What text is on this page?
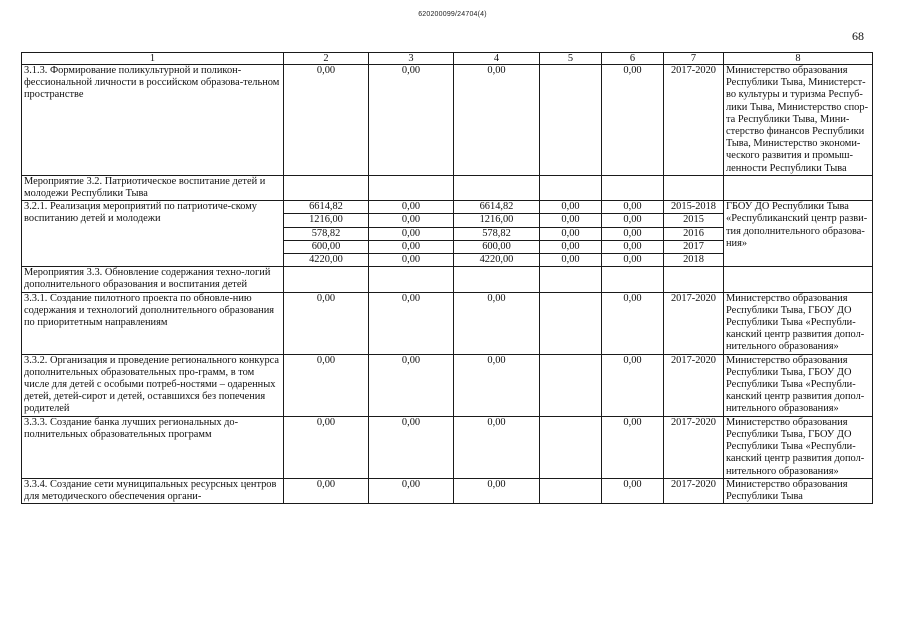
620200099/24704(4)
68
1	2	3	4	5	6	7	8
3.1.3. Формирование поликультурной и поликон-фессиональной личности в российском образова-тельном пространстве	0,00	0,00	0,00		0,00	2017-2020	Министерство образования Республики Тыва, Министерст-во культуры и туризма Респуб-лики Тыва, Министерство спор-та Республики Тыва, Мини-стерство финансов Республики Тыва, Министерство экономи-ческого развития и промыш-ленности Республики Тыва
Мероприятие 3.2. Патриотическое воспитание детей и молодежи Республики Тыва							
3.2.1. Реализация мероприятий по патриотиче-скому воспитанию детей и молодежи	6614,82	0,00	6614,82	0,00	0,00	2015-2018	ГБОУ ДО Республики Тыва «Республиканский центр разви-тия дополнительного образова-ния»
	1216,00	0,00	1216,00	0,00	0,00	2015	
	578,82	0,00	578,82	0,00	0,00	2016	
	600,00	0,00	600,00	0,00	0,00	2017	
	4220,00	0,00	4220,00	0,00	0,00	2018	
Мероприятия 3.3. Обновление содержания техно-логий дополнительного образования и воспитания детей							
3.3.1. Создание пилотного проекта по обновле-нию содержания и технологий дополнительного образования по приоритетным направлениям	0,00	0,00	0,00		0,00	2017-2020	Министерство образования Республики Тыва, ГБОУ ДО Республики Тыва «Республи-канский центр развития допол-нительного образования»
3.3.2. Организация и проведение регионального конкурса дополнительных образовательных про-грамм, в том числе для детей с особыми потреб-ностями – одаренных детей, детей-сирот и детей, оставшихся без попечения родителей	0,00	0,00	0,00		0,00	2017-2020	Министерство образования Республики Тыва, ГБОУ ДО Республики Тыва «Республи-канский центр развития допол-нительного образования»
3.3.3. Создание банка лучших региональных до-полнительных образовательных программ	0,00	0,00	0,00		0,00	2017-2020	Министерство образования Республики Тыва, ГБОУ ДО Республики Тыва «Республи-канский центр развития допол-нительного образования»
3.3.4. Создание сети муниципальных ресурсных центров для методического обеспечения органи-	0,00	0,00	0,00		0,00	2017-2020	Министерство образования Республики Тыва
